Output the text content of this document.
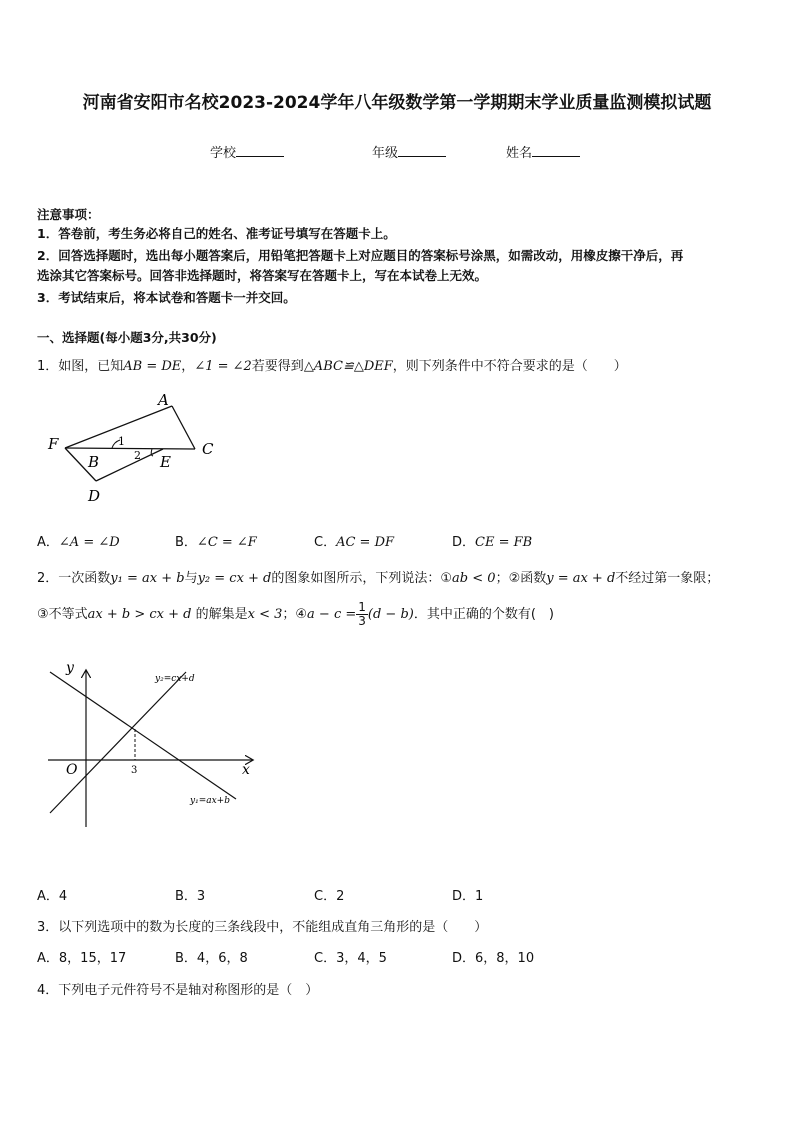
河南省安阳市名校2023-2024学年八年级数学第一学期期末学业质量监测模拟试题
学校	年级	姓名
注意事项：
1．答卷前，考生务必将自己的姓名、准考证号填写在答题卡上。
2．回答选择题时，选出每小题答案后，用铅笔把答题卡上对应题目的答案标号涂黑，如需改动，用橡皮擦干净后，再
选涂其它答案标号。回答非选择题时，将答案写在答题卡上，写在本试卷上无效。
3．考试结束后，将本试卷和答题卡一并交回。
一、选择题(每小题3分,共30分)
1．如图，已知AB = DE，∠1 = ∠2若要得到△ABC≌△DEF，则下列条件中不符合要求的是（　　）
A
B
C
D
E
F	1
2
A．∠A = ∠D	B．∠C = ∠F	C．AC = DF	D．CE = FB
2．一次函数y₁ = ax + b与y₂ = cx + d的图象如图所示，下列说法：①ab < 0；②函数y = ax + d不经过第一象限；
③不等式ax + b > cx + d 的解集是x < 3；④a − $c = \frac{1}{3} (d - b)$．其中正确的个数有(　)
y
x
O	3
y₂=cx+d
y₁=ax+b
A．4	B．3	C．2	D．1
3．以下列选项中的数为长度的三条线段中，不能组成直角三角形的是（　　）
A．8，15，17	B．4，6，8	C．3，4，5	D．6，8，10
4．下列电子元件符号不是轴对称图形的是（　）
